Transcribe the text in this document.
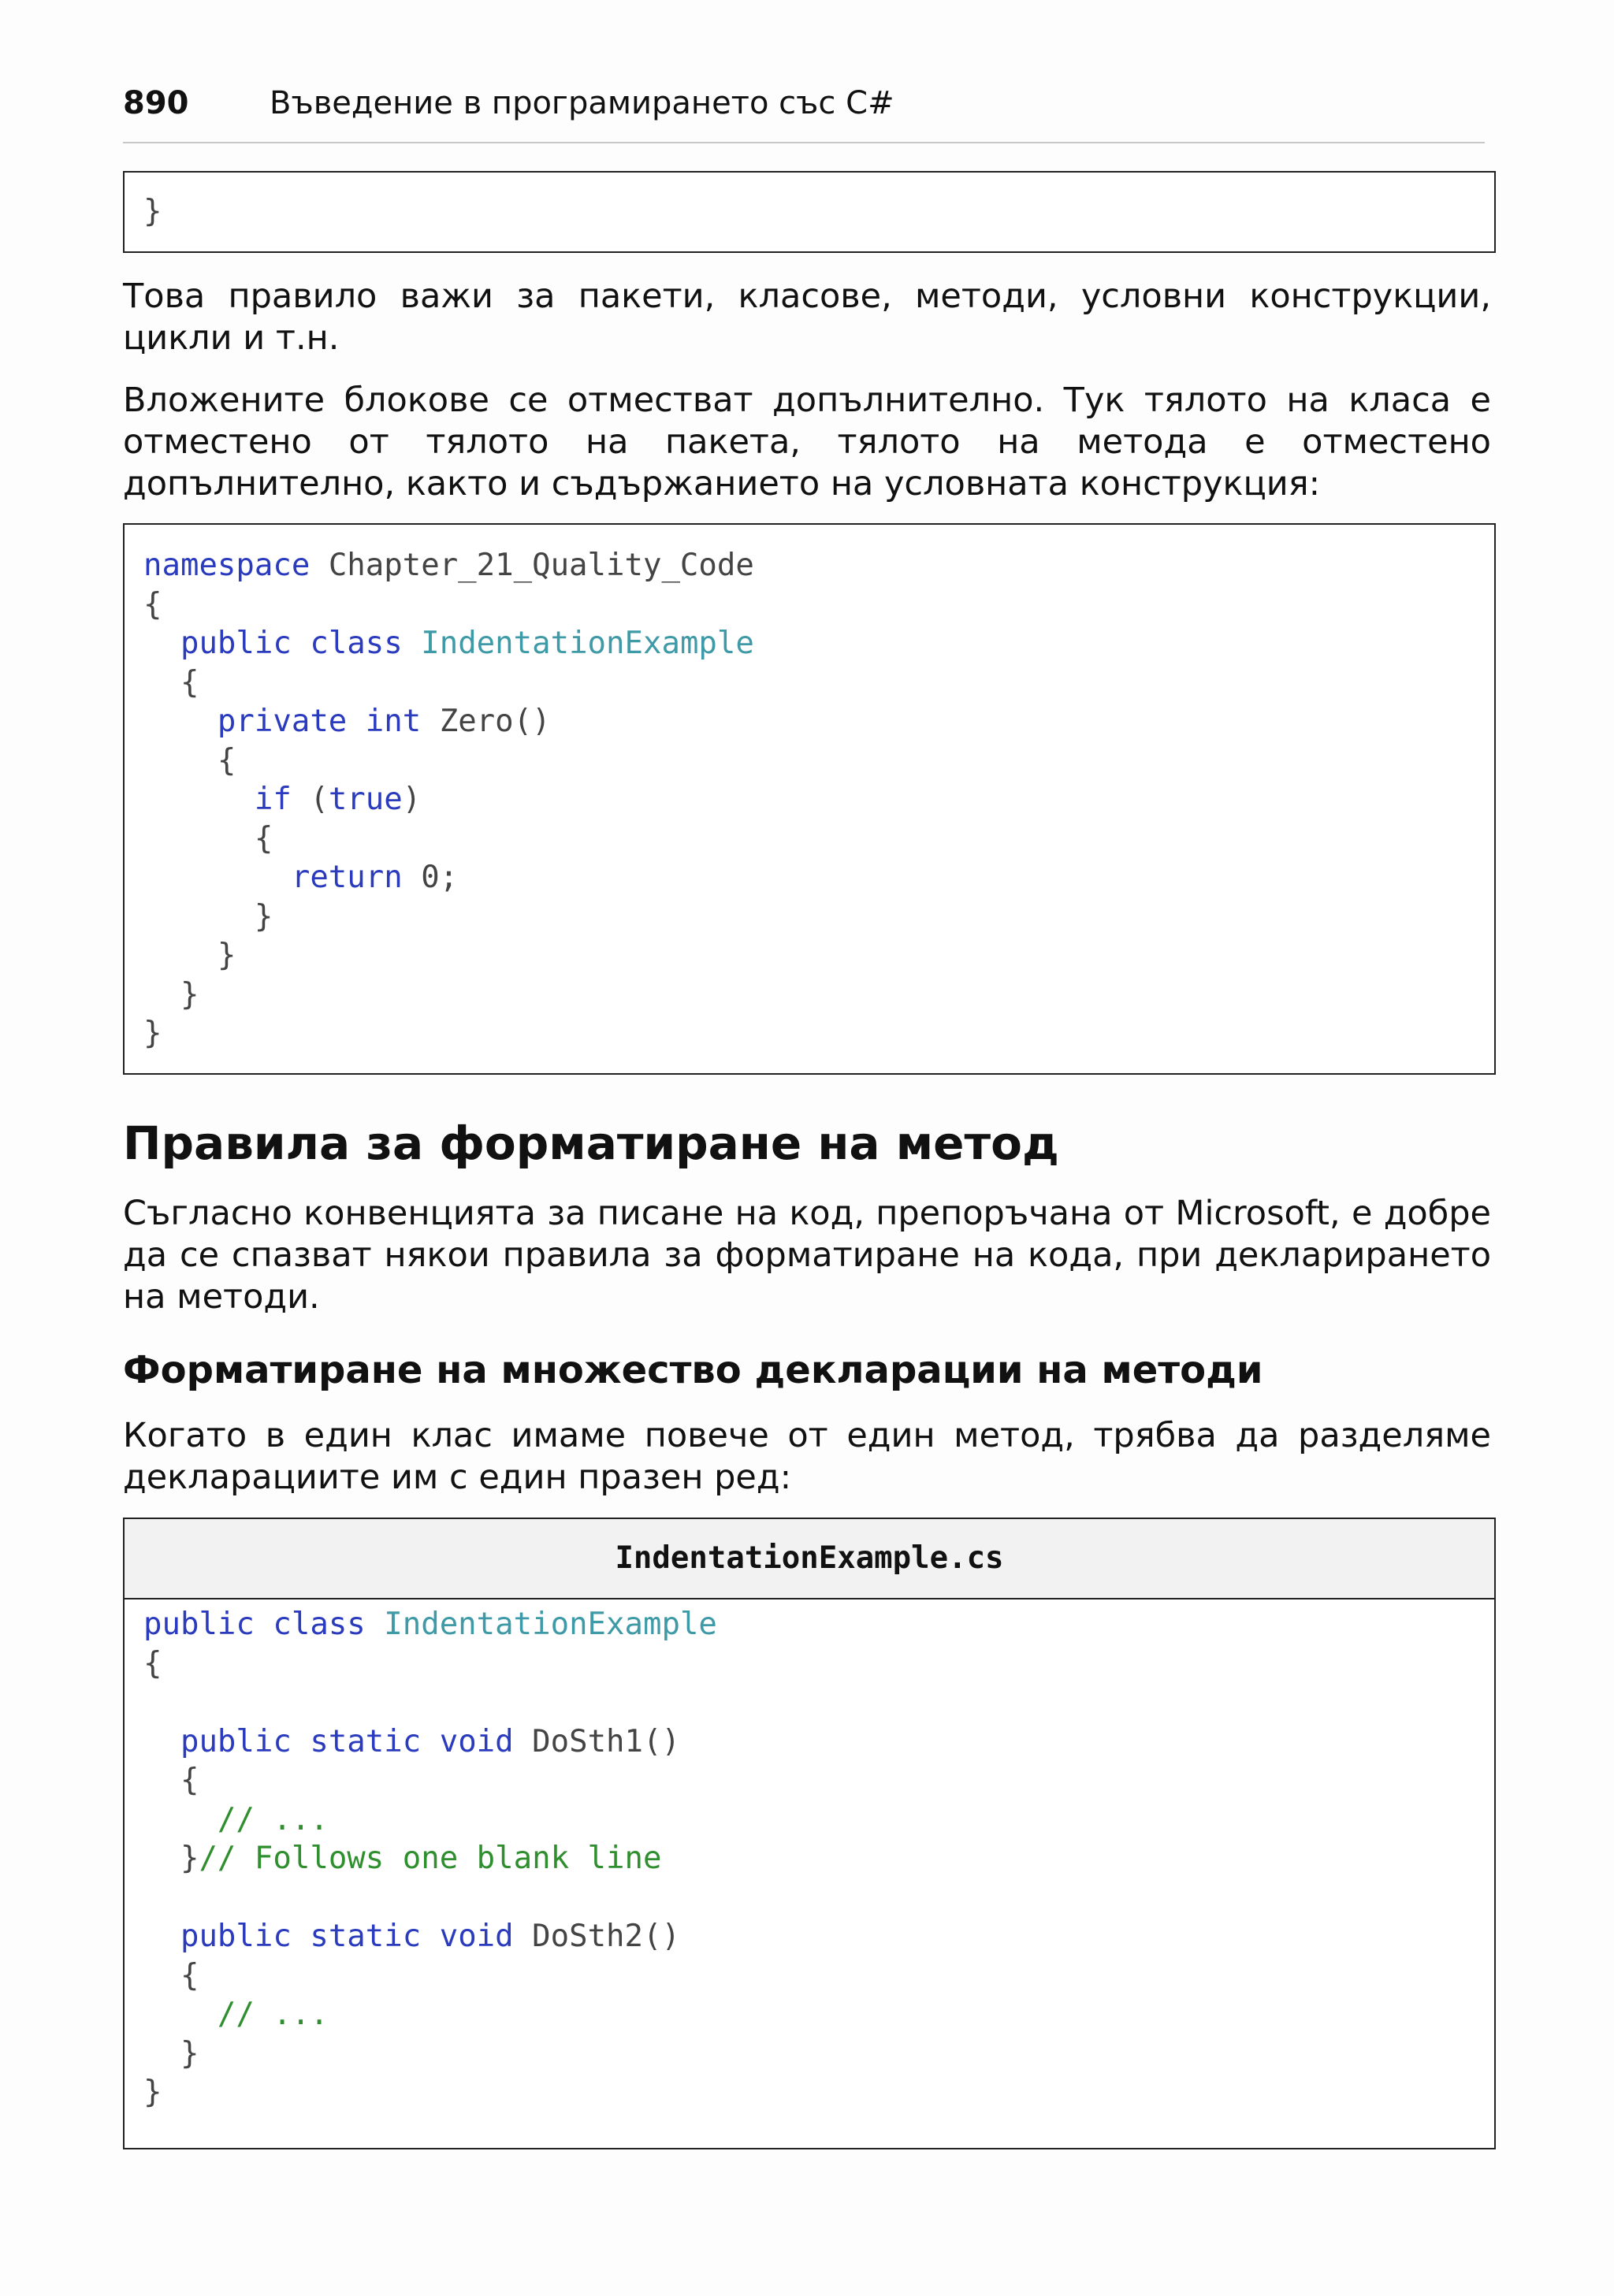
890	Въведение в програмирането със C#
}

Това правило важи за пакети, класове, методи, условни конструкции, цикли и т.н.

Вложените блокове се отместват допълнително. Тук тялото на класа е отместено от тялото на пакета, тялото на метода е отместено допълнително, както и съдържанието на условната конструкция:

namespace Chapter_21_Quality_Code
{
public class IndentationExample
{
private int Zero()
{
if (true)
{
return 0;
}
}
}
}
Правила за форматиране на метод

Съгласно конвенцията за писане на код, препоръчана от Microsoft, е добре да се спазват някои правила за форматиране на кода, при декларирането на методи.

Форматиране на множество декларации на методи

Когато в един клас имаме повече от един метод, трябва да разделяме декларациите им с един празен ред:

IndentationExample.cs
public class IndentationExample
{

public static void DoSth1()
{
// ...
}// Follows one blank line

public static void DoSth2()
{
// ...
}
}
